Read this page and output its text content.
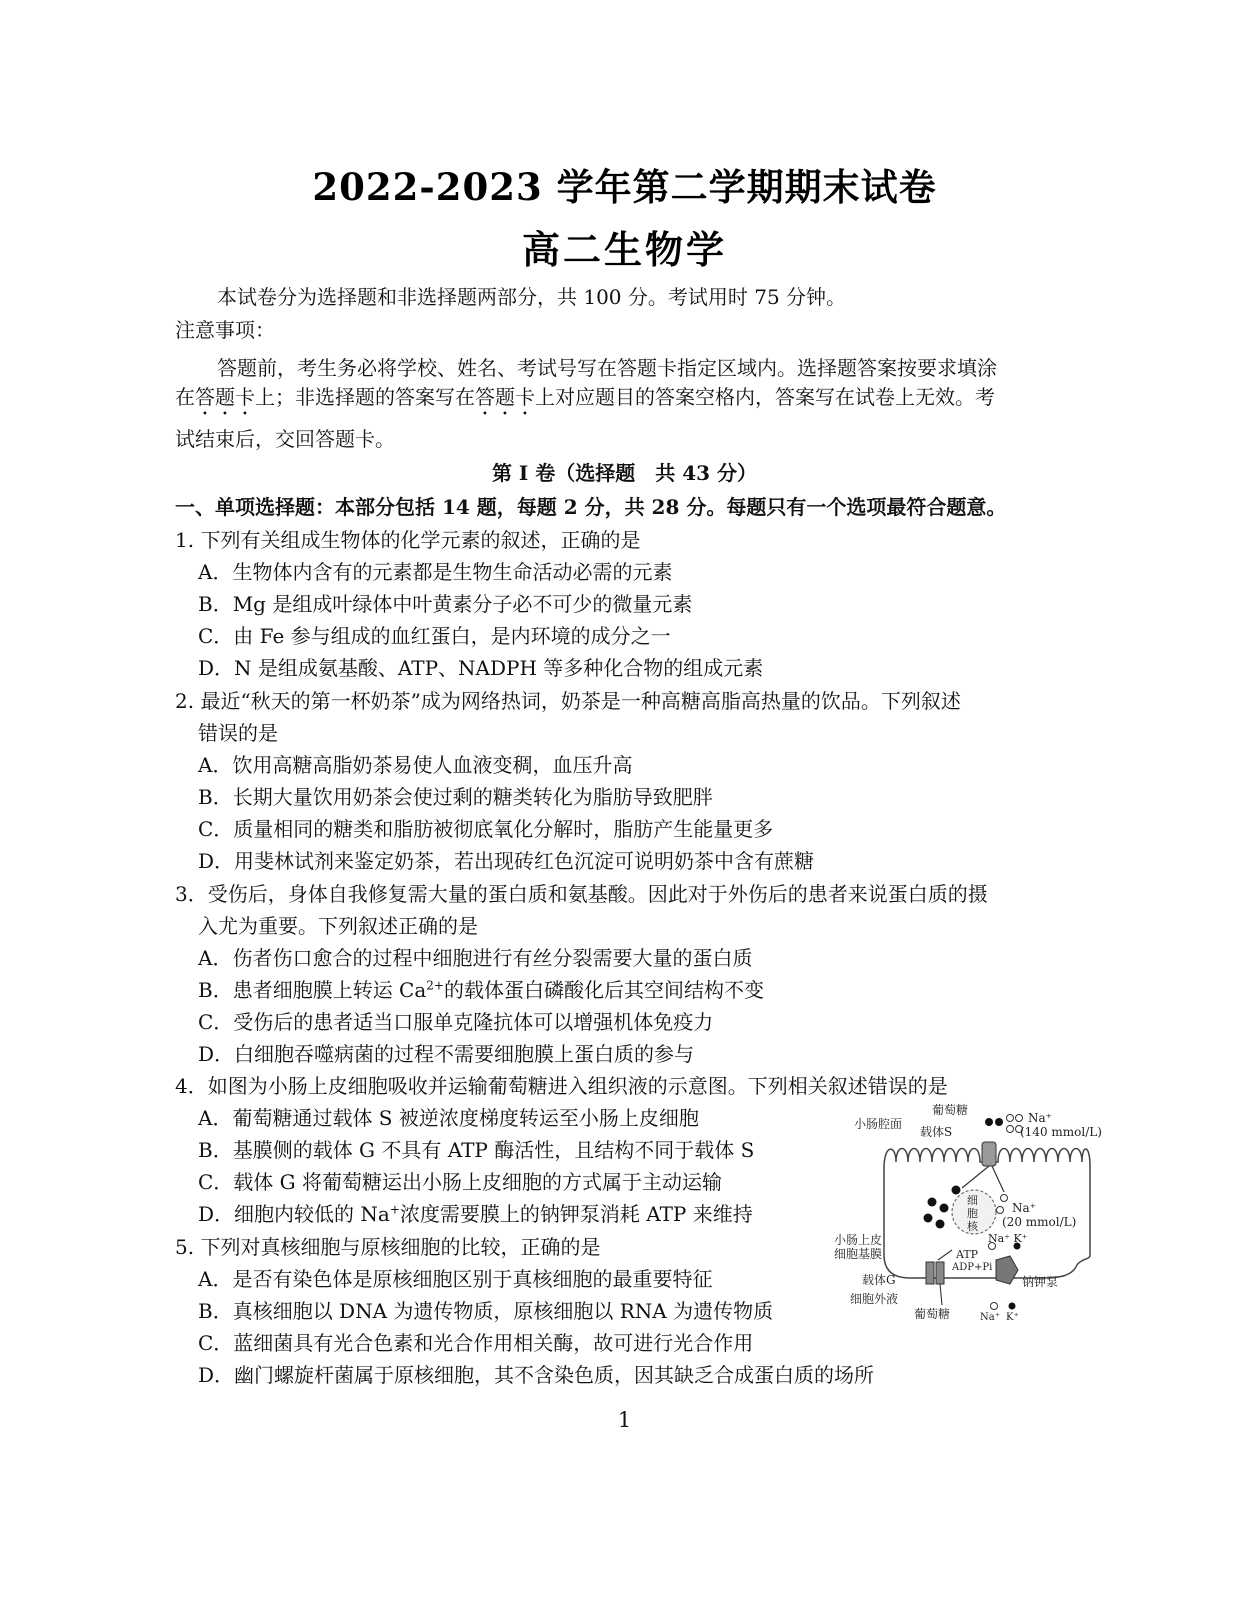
2022-2023 学年第二学期期末试卷
高二生物学
本试卷分为选择题和非选择题两部分，共 100 分。考试用时 75 分钟。
注意事项：
答题前，考生务必将学校、姓名、考试号写在答题卡指定区域内。选择题答案按要求填涂
在答题卡上；非选择题的答案写在答题卡上对应题目的答案空格内，答案写在试卷上无效。考
试结束后，交回答题卡。
第 I 卷（选择题　共 43 分）
一、单项选择题：本部分包括 14 题，每题 2 分，共 28 分。每题只有一个选项最符合题意。
1. 下列有关组成生物体的化学元素的叙述，正确的是
A．生物体内含有的元素都是生物生命活动必需的元素
B．Mg 是组成叶绿体中叶黄素分子必不可少的微量元素
C．由 Fe 参与组成的血红蛋白，是内环境的成分之一
D．N 是组成氨基酸、ATP、NADPH 等多种化合物的组成元素
2. 最近“秋天的第一杯奶茶”成为网络热词，奶茶是一种高糖高脂高热量的饮品。下列叙述
错误的是
A．饮用高糖高脂奶茶易使人血液变稠，血压升高
B．长期大量饮用奶茶会使过剩的糖类转化为脂肪导致肥胖
C．质量相同的糖类和脂肪被彻底氧化分解时，脂肪产生能量更多
D．用斐林试剂来鉴定奶茶，若出现砖红色沉淀可说明奶茶中含有蔗糖
3．受伤后，身体自我修复需大量的蛋白质和氨基酸。因此对于外伤后的患者来说蛋白质的摄
入尤为重要。下列叙述正确的是
A．伤者伤口愈合的过程中细胞进行有丝分裂需要大量的蛋白质
B．患者细胞膜上转运 $Ca^{2+}$的载体蛋白磷酸化后其空间结构不变
C．受伤后的患者适当口服单克隆抗体可以增强机体免疫力
D．白细胞吞噬病菌的过程不需要细胞膜上蛋白质的参与
4．如图为小肠上皮细胞吸收并运输葡萄糖进入组织液的示意图。下列相关叙述错误的是
A．葡萄糖通过载体 S 被逆浓度梯度转运至小肠上皮细胞
B．基膜侧的载体 G 不具有 ATP 酶活性，且结构不同于载体 S
C．载体 G 将葡萄糖运出小肠上皮细胞的方式属于主动运输
D．细胞内较低的 Na+浓度需要膜上的钠钾泵消耗 ATP 来维持
5. 下列对真核细胞与原核细胞的比较，正确的是
A．是否有染色体是原核细胞区别于真核细胞的最重要特征
B．真核细胞以 DNA 为遗传物质，原核细胞以 RNA 为遗传物质
C．蓝细菌具有光合色素和光合作用相关酶，故可进行光合作用
D．幽门螺旋杆菌属于原核细胞，其不含染色质，因其缺乏合成蛋白质的场所
细
胞
核
小肠腔面
葡萄糖
载体S
Na⁺
(140 mmol/L)
Na⁺
(20 mmol/L)
小肠上皮
细胞基膜	ATP
ADP+Pi
Na⁺ K⁺
载体G
细胞外液
钠钾泵
葡萄糖	Na⁺ K⁺
1
